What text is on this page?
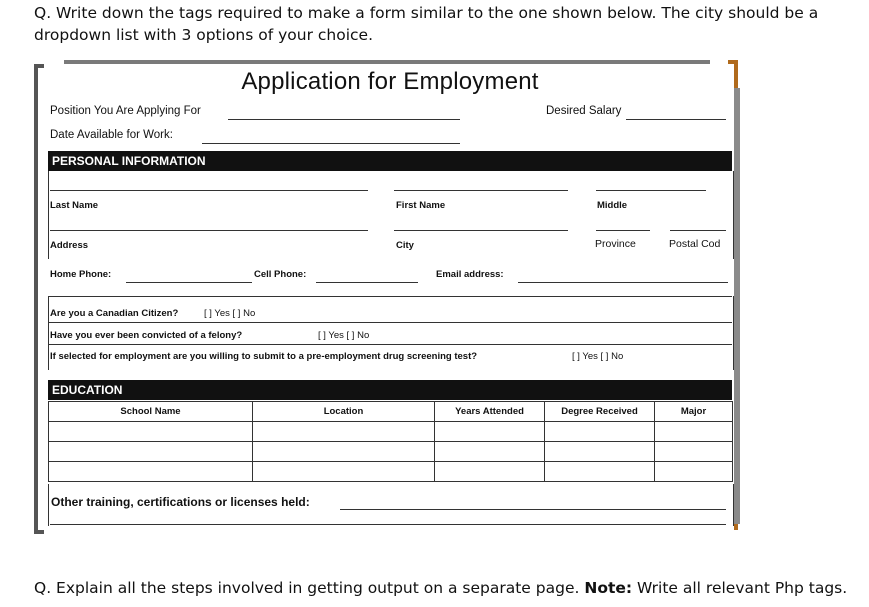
Q. Write down the tags required to make a form similar to the one shown below. The city should be a dropdown list with 3 options of your choice.
Application for Employment
Position You Are Applying For	Desired Salary
Date Available for Work:
PERSONAL INFORMATION
Last Name	First Name	Middle
Address	City	Province	Postal Cod
Home Phone:	Cell Phone:	Email address:
Are you a Canadian Citizen?	[ ] Yes [ ] No
Have you ever been convicted of a felony?	[ ] Yes [ ] No
If selected for employment are you willing to submit to a pre-employment drug screening test?	[ ] Yes [ ] No
EDUCATION
School Name	Location	Years Attended	Degree Received	Major

Other training, certifications or licenses held:
Q. Explain all the steps involved in getting output on a separate page. Note: Write all relevant Php tags.
